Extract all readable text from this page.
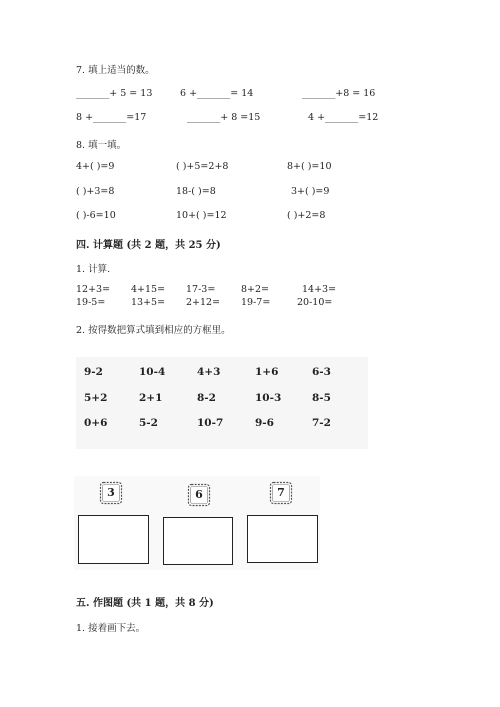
7. 填上适当的数。
_______+ 5 = 13	6 +_______= 14	_______+8 = 16
8 +_______=17	_______+ 8 =15	4 +_______=12
8. 填一填。
4+( )=9	( )+5=2+8	8+( )=10
( )+3=8	18-( )=8	3+( )=9
( )-6=10	10+( )=12	( )+2=8
四. 计算题 (共 2 题，共 25 分)
1. 计算.
12+3= 4+15= 17-3=	8+2=	14+3=
19-5=	13+5= 2+12= 19-7=	20-10=
2. 按得数把算式填到相应的方框里。
9-2	10-4	4+3	1+6	6-3
5+2	2+1	8-2	10-3	8-5
0+6	5-2	10-7	9-6	7-2
3	6	7
五. 作图题 (共 1 题，共 8 分)
1. 接着画下去。
